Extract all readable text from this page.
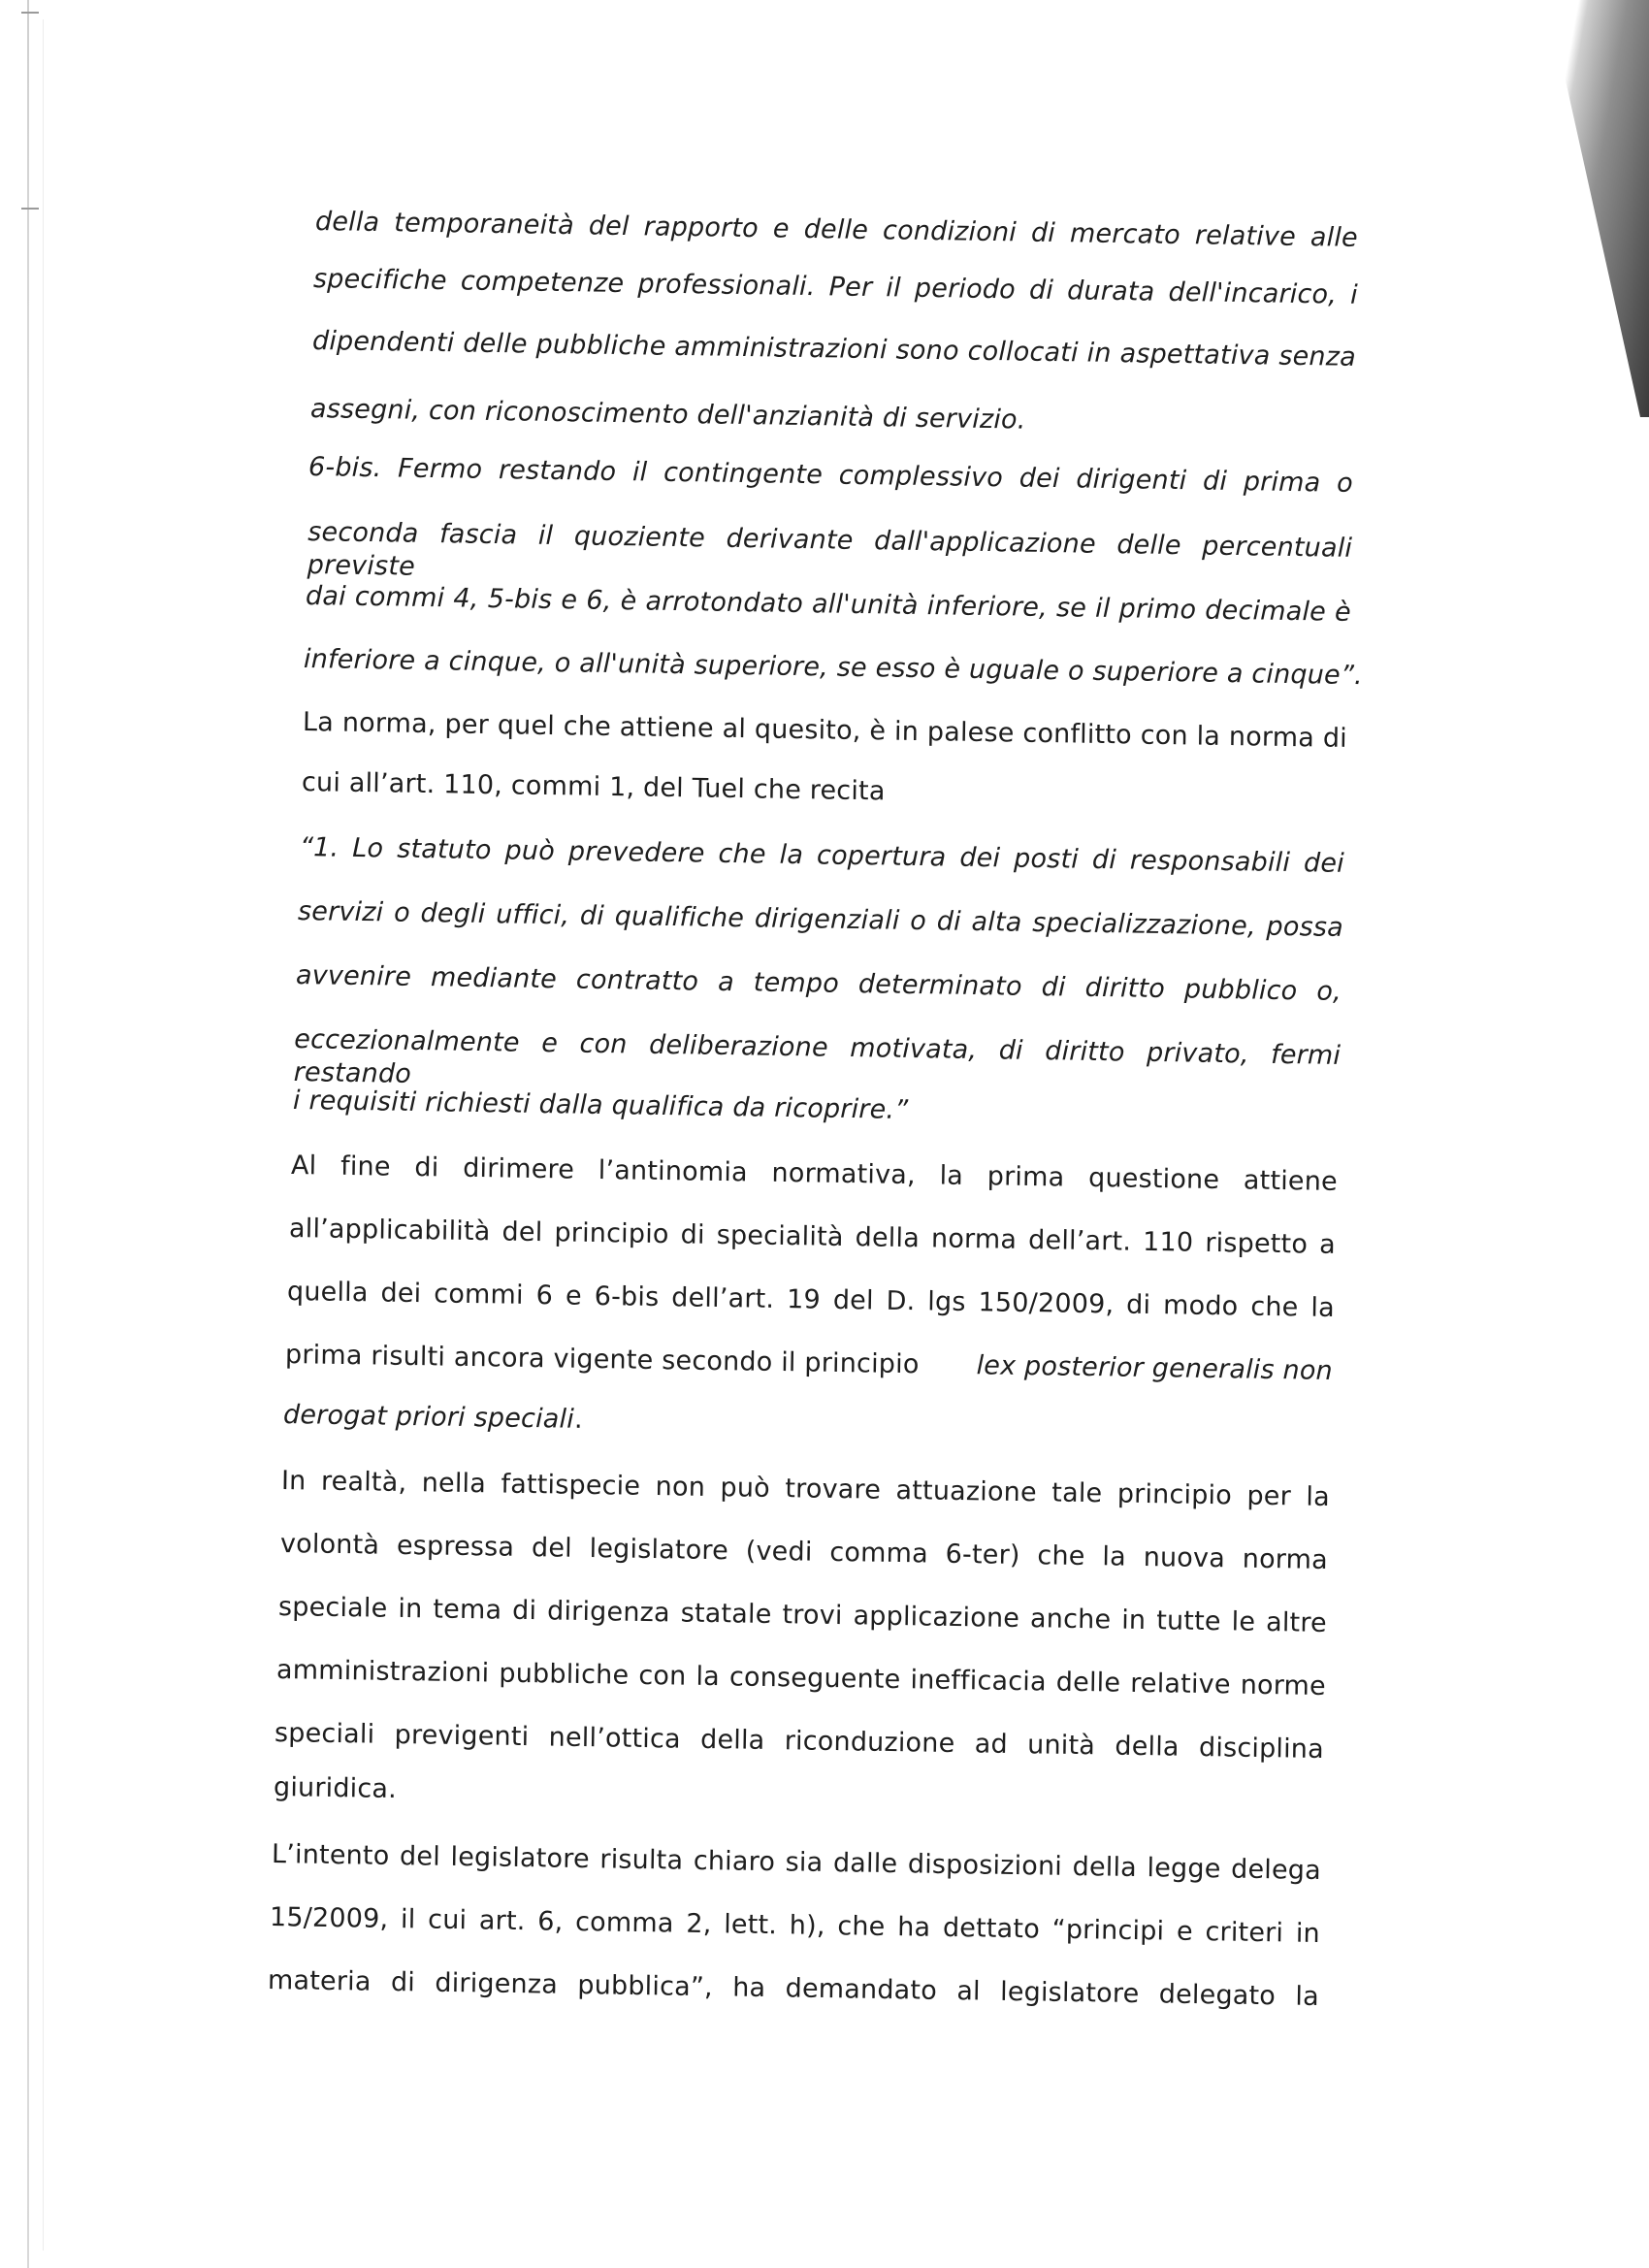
della temporaneità del rapporto e delle condizioni di mercato relative alle
specifiche competenze professionali. Per il periodo di durata dell'incarico, i
dipendenti delle pubbliche amministrazioni sono collocati in aspettativa senza
assegni, con riconoscimento dell'anzianità di servizio.
6-bis. Fermo restando il contingente complessivo dei dirigenti di prima o
seconda fascia il quoziente derivante dall'applicazione delle percentuali previste
dai commi 4, 5-bis e 6, è arrotondato all'unità inferiore, se il primo decimale è
inferiore a cinque, o all'unità superiore, se esso è uguale o superiore a cinque”.
La norma, per quel che attiene al quesito, è in palese conflitto con la norma di
cui all’art. 110, commi 1, del Tuel che recita
“1. Lo statuto può prevedere che la copertura dei posti di responsabili dei
servizi o degli uffici, di qualifiche dirigenziali o di alta specializzazione, possa
avvenire mediante contratto a tempo determinato di diritto pubblico o,
eccezionalmente e con deliberazione motivata, di diritto privato, fermi restando
i requisiti richiesti dalla qualifica da ricoprire.”
Al fine di dirimere l’antinomia normativa, la prima questione attiene
all’applicabilità del principio di specialità della norma dell’art. 110 rispetto a
quella dei commi 6 e 6-bis dell’art. 19 del D. lgs 150/2009, di modo che la
prima risulti ancora vigente secondo il principio lex posterior generalis non
derogat priori speciali.
In realtà, nella fattispecie non può trovare attuazione tale principio per la
volontà espressa del legislatore (vedi comma 6-ter) che la nuova norma
speciale in tema di dirigenza statale trovi applicazione anche in tutte le altre
amministrazioni pubbliche con la conseguente inefficacia delle relative norme
speciali previgenti nell’ottica della riconduzione ad unità della disciplina
giuridica.
L’intento del legislatore risulta chiaro sia dalle disposizioni della legge delega
15/2009, il cui art. 6, comma 2, lett. h), che ha dettato “principi e criteri in
materia di dirigenza pubblica”, ha demandato al legislatore delegato la
